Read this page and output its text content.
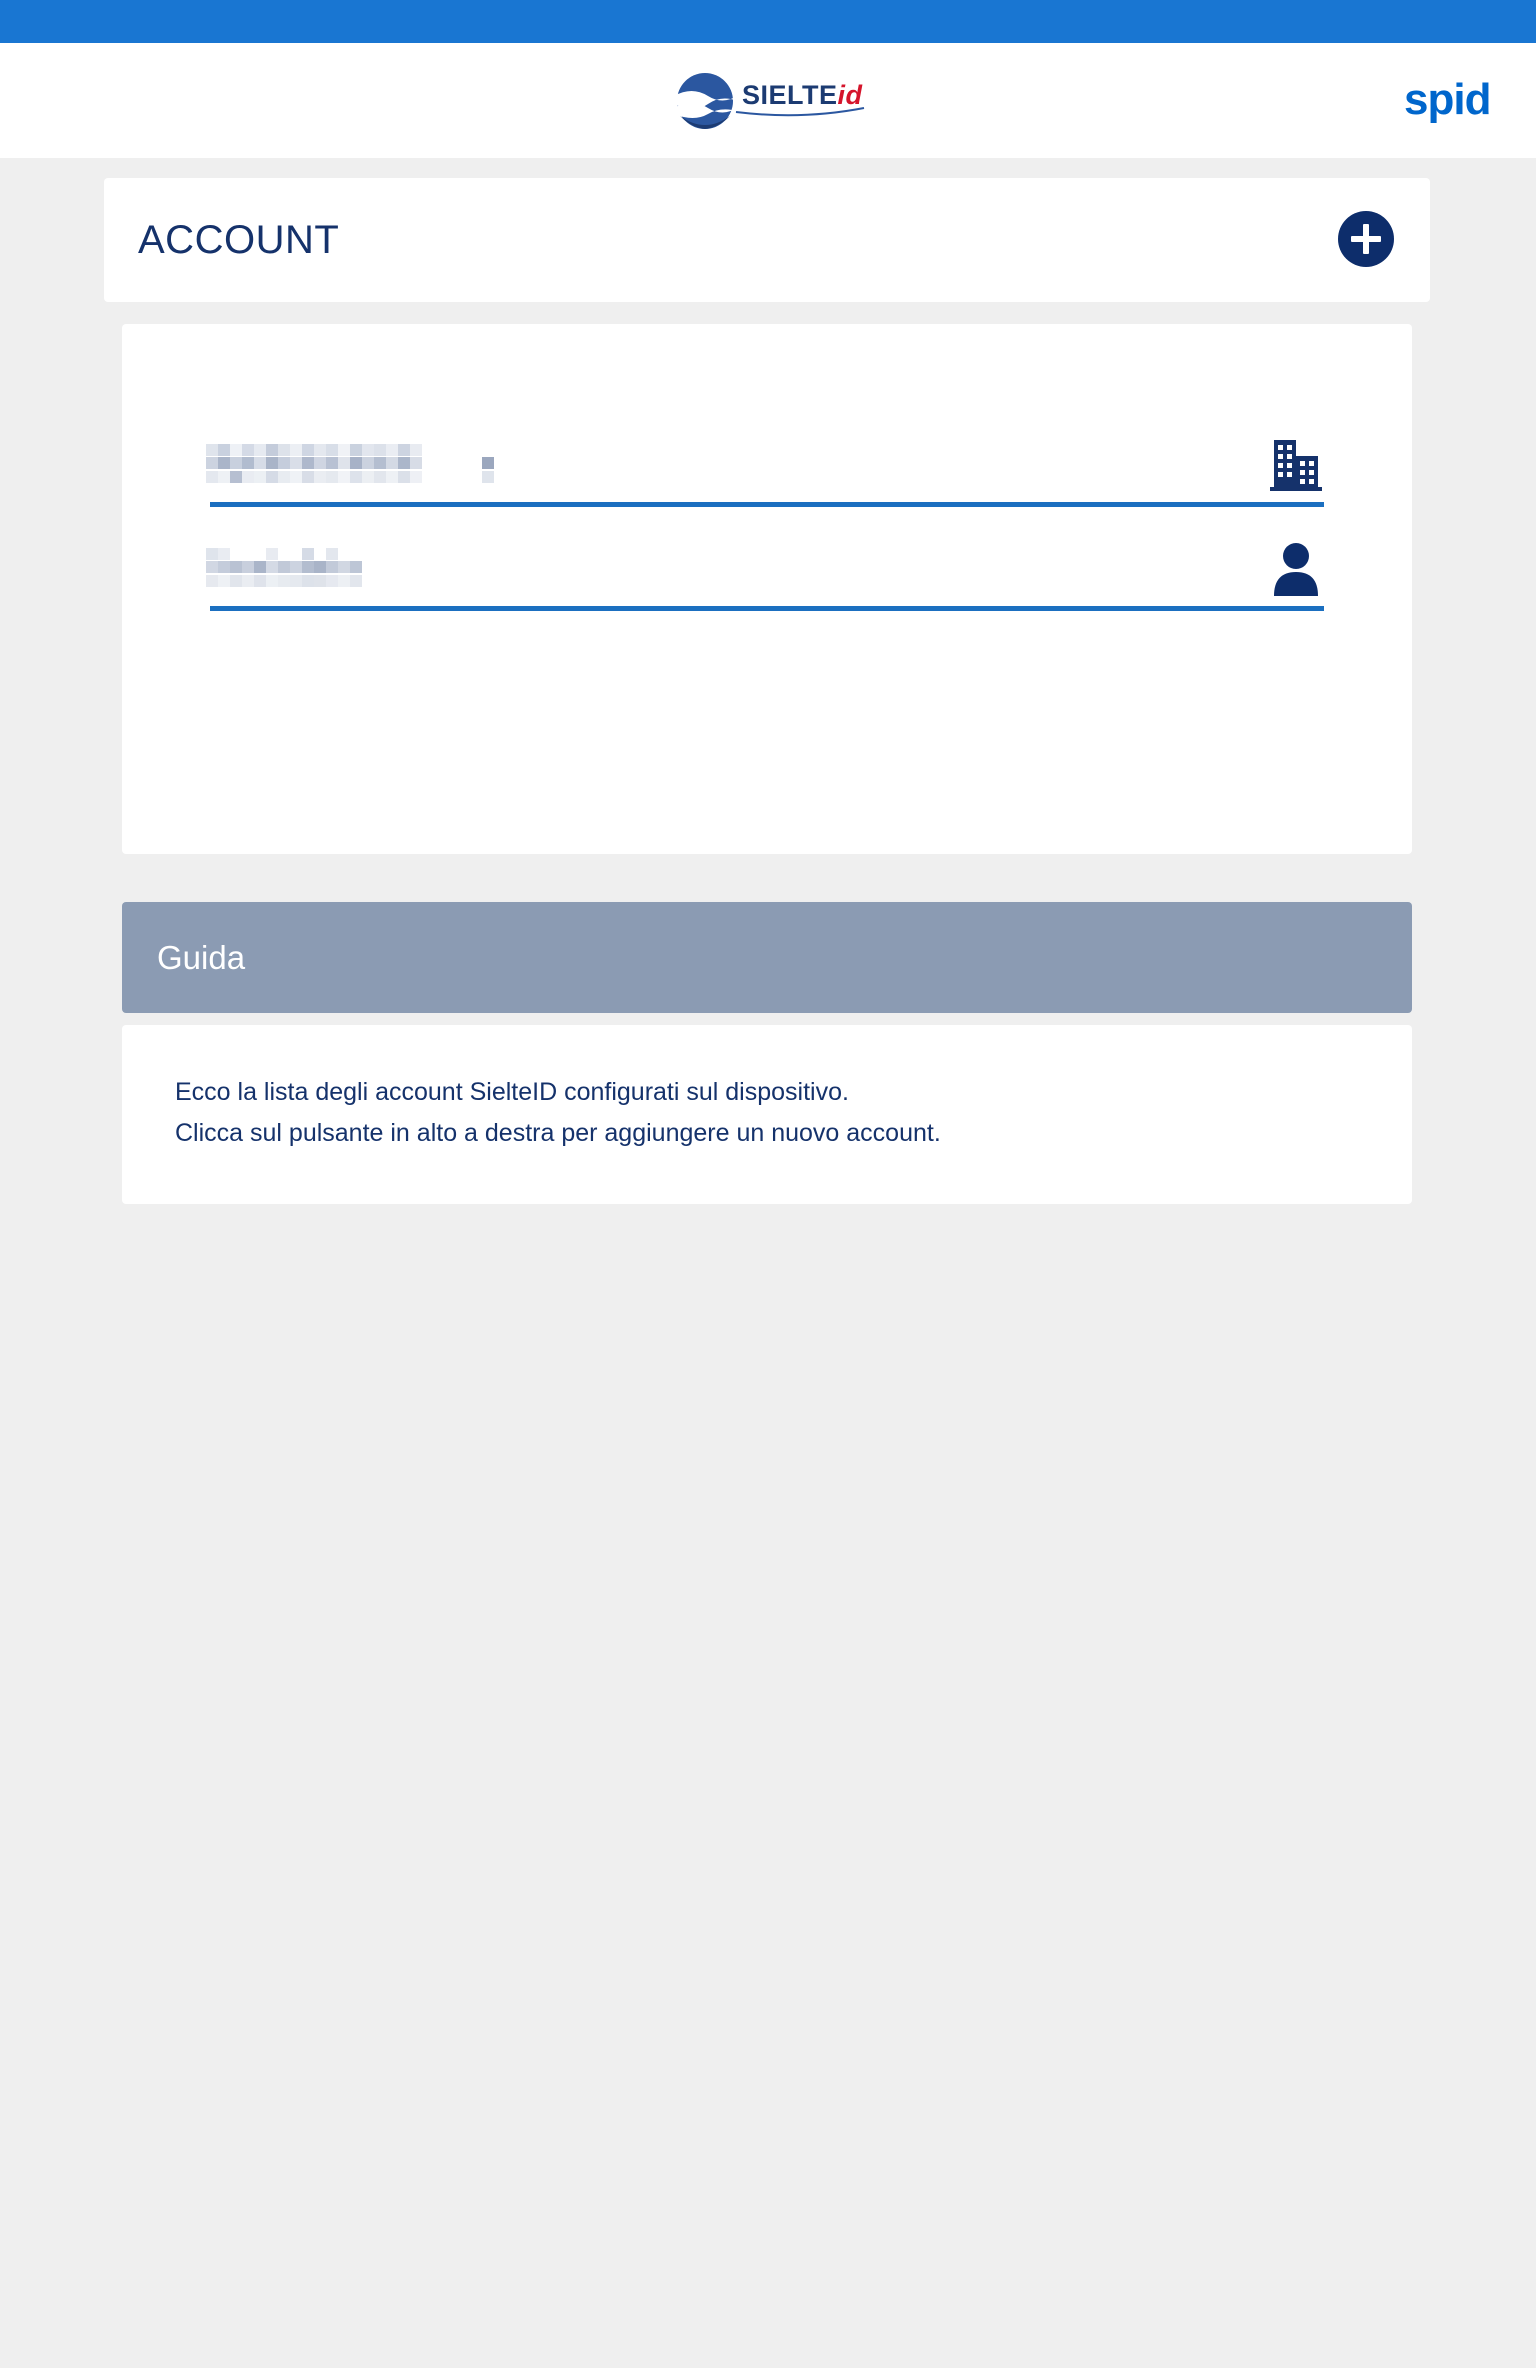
SIELTEid	spid
ACCOUNT
Guida
Ecco la lista degli account SielteID configurati sul dispositivo.
Clicca sul pulsante in alto a destra per aggiungere un nuovo account.
